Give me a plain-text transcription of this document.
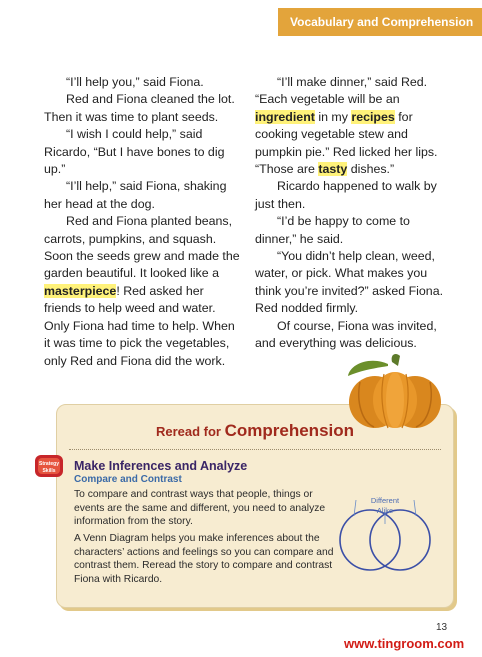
Vocabulary and Comprehension

“I’ll help you,” said Fiona.

Red and Fiona cleaned the lot. Then it was time to plant seeds.

“I wish I could help,” said Ricardo, “But I have bones to dig up.”

“I’ll help,” said Fiona, shaking her head at the dog.

Red and Fiona planted beans, carrots, pumpkins, and squash. Soon the seeds grew and made the garden beautiful. It looked like a masterpiece! Red asked her friends to help weed and water. Only Fiona had time to help. When it was time to pick the vegetables, only Red and Fiona did the work.

“I’ll make dinner,” said Red. “Each vegetable will be an ingredient in my recipes for cooking vegetable stew and pumpkin pie.” Red licked her lips. “Those are tasty dishes.”

Ricardo happened to walk by just then.

“I’d be happy to come to dinner,” he said.

“You didn’t help clean, weed, water, or pick. What makes you think you’re invited?” asked Fiona. Red nodded firmly.

Of course, Fiona was invited, and everything was delicious.

Reread for Comprehension
Strategy
Skills Make Inferences and Analyze
Compare and Contrast
To compare and contrast ways that people, things or events are the same and different, you need to analyze information from the story.
A Venn Diagram helps you make inferences about the characters’ actions and feelings so you can compare and contrast them. Reread the story to compare and contrast Fiona with Ricardo.
Different
Alike
13
www.tingroom.com
